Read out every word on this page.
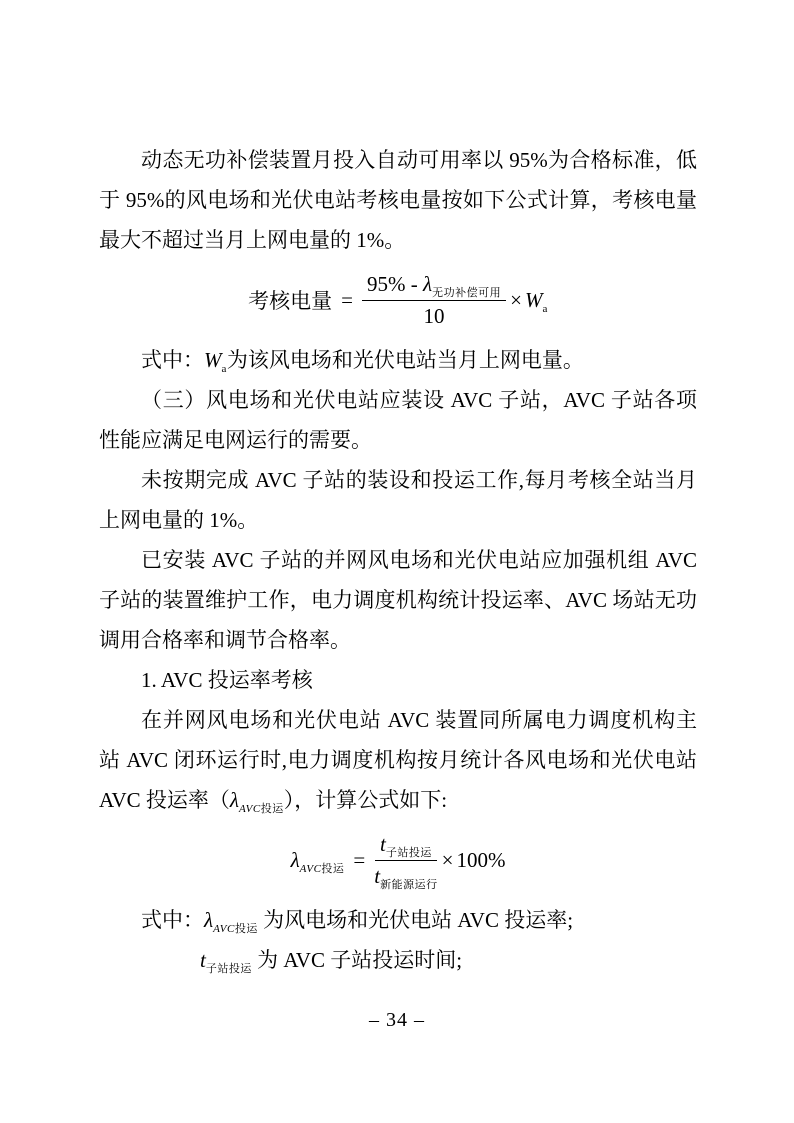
动态无功补偿装置月投入自动可用率以 95%为合格标准，低
于 95%的风电场和光伏电站考核电量按如下公式计算，考核电量
最大不超过当月上网电量的 1%。
考核电量 = $\frac{95\% - \lambda_{无功补偿可用}}{10} \times W_a$
式中：$W_a$为该风电场和光伏电站当月上网电量。
（三）风电场和光伏电站应装设 AVC 子站，AVC 子站各项
性能应满足电网运行的需要。
未按期完成 AVC 子站的装设和投运工作,每月考核全站当月
上网电量的 1%。
已安装 AVC 子站的并网风电场和光伏电站应加强机组 AVC
子站的装置维护工作，电力调度机构统计投运率、AVC 场站无功
调用合格率和调节合格率。
1. AVC 投运率考核
在并网风电场和光伏电站 AVC 装置同所属电力调度机构主
站 AVC 闭环运行时,电力调度机构按月统计各风电场和光伏电站
AVC 投运率$(\lambda_{AVC投运})$，计算公式如下:
$\lambda_{AVC投运} = \frac{t_{子站投运}}{t_{新能源运行}} \times 100\%$
式中：$\lambda_{AVC投运}$ 为风电场和光伏电站 AVC 投运率;
$t_{子站投运}$ 为 AVC 子站投运时间;
– 34 –
